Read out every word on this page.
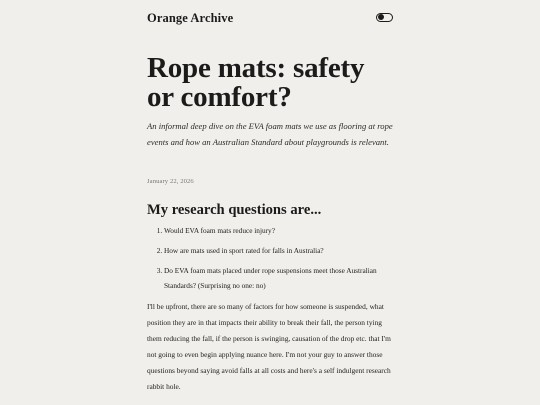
Orange Archive
Rope mats: safety or comfort?

An informal deep dive on the EVA foam mats we use as flooring at rope events and how an Australian Standard about playgrounds is relevant.

January 22, 2026
My research questions are...
1. Would EVA foam mats reduce injury?
2. How are mats used in sport rated for falls in Australia?
3. Do EVA foam mats placed under rope suspensions meet those Australian Standards? (Surprising no one: no)

I'll be upfront, there are so many of factors for how someone is suspended, what position they are in that impacts their ability to break their fall, the person tying them reducing the fall, if the person is swinging, causation of the drop etc. that I'm not going to even begin applying nuance here. I'm not your guy to answer those questions beyond saying avoid falls at all costs and here's a self indulgent research rabbit hole.
